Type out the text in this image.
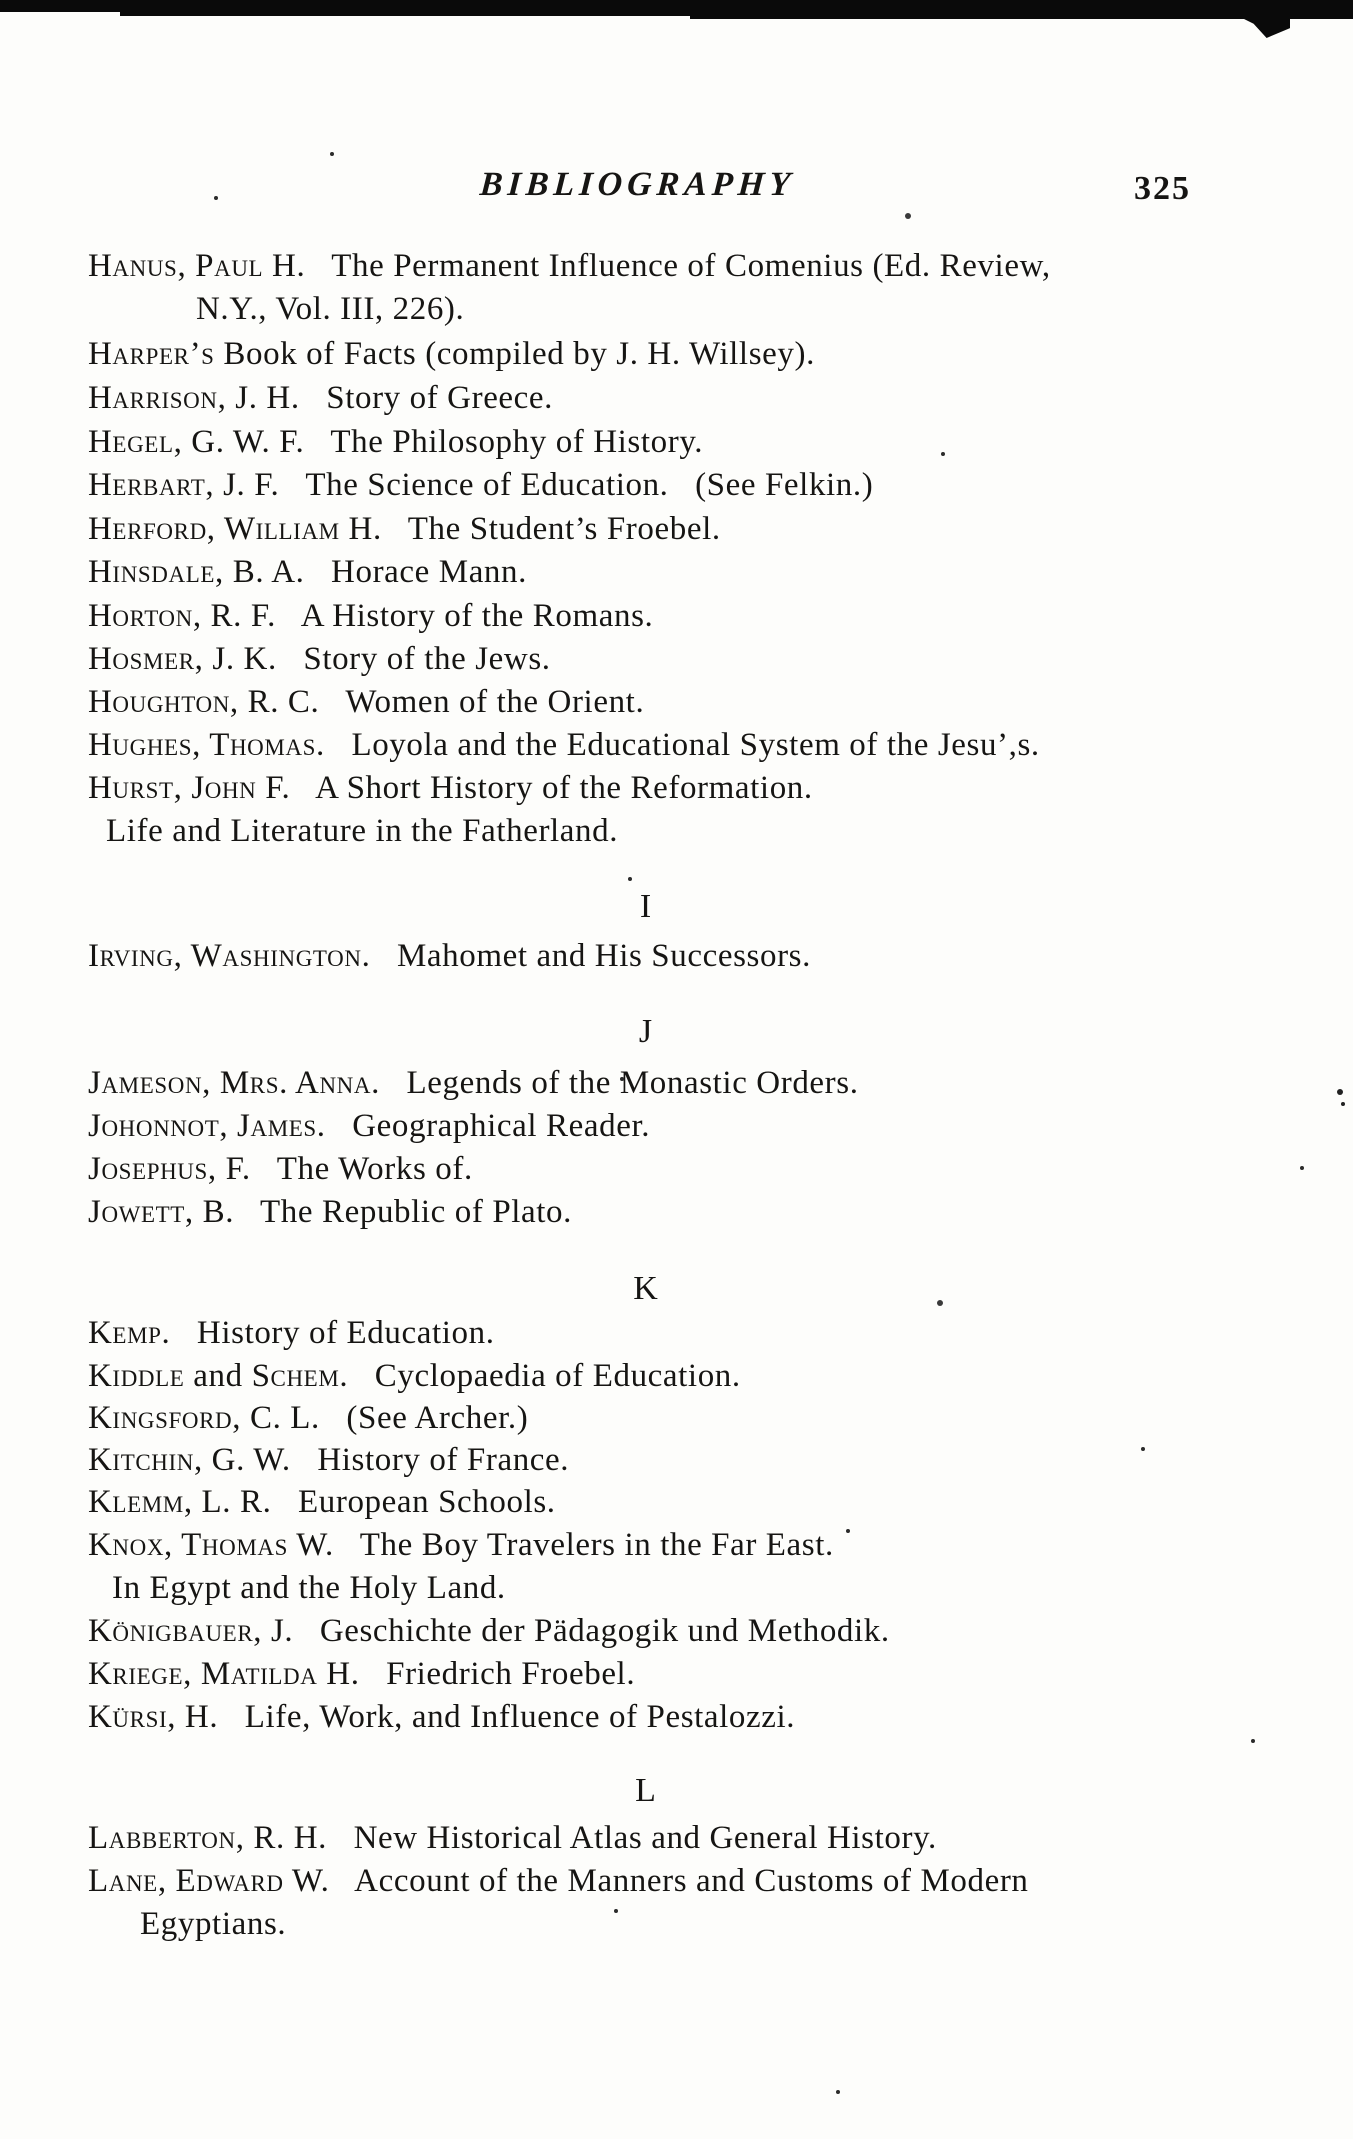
BIBLIOGRAPHY	325
Hanus, Paul H.   The Permanent Influence of Comenius (Ed. Review,
N.Y., Vol. III, 226).
Harper’s Book of Facts (compiled by J. H. Willsey).
Harrison, J. H.   Story of Greece.
Hegel, G. W. F.   The Philosophy of History.
Herbart, J. F.   The Science of Education.   (See Felkin.)
Herford, William H.   The Student’s Froebel.
Hinsdale, B. A.   Horace Mann.
Horton, R. F.   A History of the Romans.
Hosmer, J. K.   Story of the Jews.
Houghton, R. C.   Women of the Orient.
Hughes, Thomas.   Loyola and the Educational System of the Jesu’,s.
Hurst, John F.   A Short History of the Reformation.
Life and Literature in the Fatherland.
I
Irving, Washington.   Mahomet and His Successors.
J
Jameson, Mrs. Anna.   Legends of the Monastic Orders.
Johonnot, James.   Geographical Reader.
Josephus, F.   The Works of.
Jowett, B.   The Republic of Plato.
K
Kemp.   History of Education.
Kiddle and Schem.   Cyclopaedia of Education.
Kingsford, C. L.   (See Archer.)
Kitchin, G. W.   History of France.
Klemm, L. R.   European Schools.
Knox, Thomas W.   The Boy Travelers in the Far East.
In Egypt and the Holy Land.
Königbauer, J.   Geschichte der Pädagogik und Methodik.
Kriege, Matilda H.   Friedrich Froebel.
Kürsi, H.   Life, Work, and Influence of Pestalozzi.
L
Labberton, R. H.   New Historical Atlas and General History.
Lane, Edward W.   Account of the Manners and Customs of Modern
Egyptians.
